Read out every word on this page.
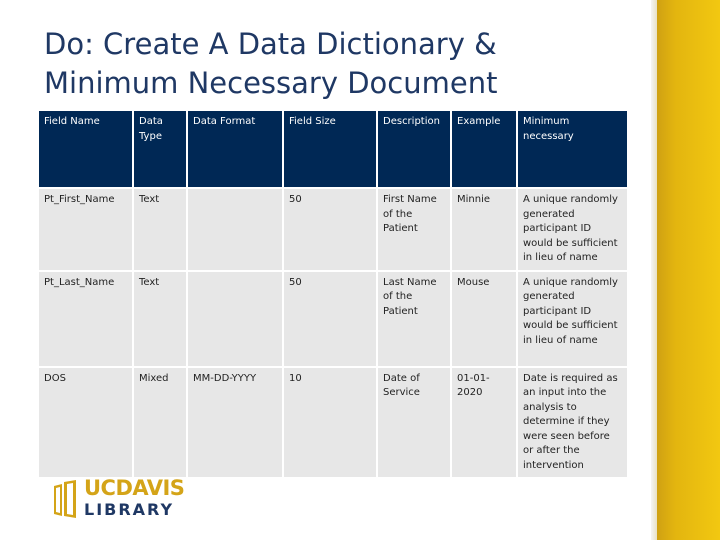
Do: Create A Data Dictionary &
Minimum Necessary Document
Field Name	Data Type	Data Format	Field Size	Description	Example	Minimum necessary
Pt_First_Name	Text		50	First Name of the Patient	Minnie	A unique randomly generated participant ID would be sufficient in lieu of name
Pt_Last_Name	Text		50	Last Name of the Patient	Mouse	A unique randomly generated participant ID would be sufficient in lieu of name
DOS	Mixed	MM-DD-YYYY	10	Date of Service	01-01-2020	Date is required as an input into the analysis to determine if they were seen before or after the intervention
UCDAVIS
LIBRARY
